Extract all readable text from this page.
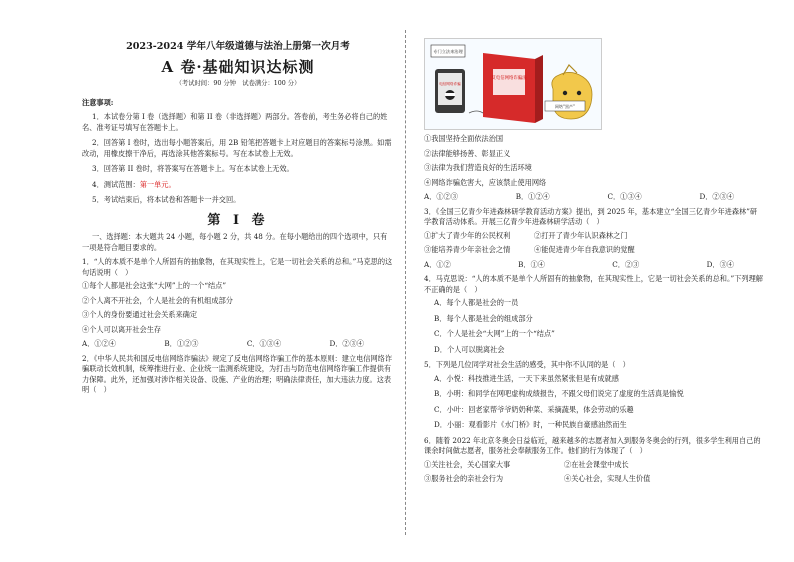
2023-2024 学年八年级道德与法治上册第一次月考
A 卷·基础知识达标测
（考试时间：90 分钟　试卷满分：100 分）
注意事项:
1．本试卷分第 I 卷（选择题）和第 II 卷（非选择题）两部分。答卷前，考生务必将自己的姓名、准考证号填写在答题卡上。
2．回答第 I 卷时，选出每小题答案后，用 2B 铅笔把答题卡上对应题目的答案标号涂黑。如需改动，用橡皮擦干净后，再选涂其他答案标号。写在本试卷上无效。
3．回答第 II 卷时，将答案写在答题卡上。写在本试卷上无效。
4．测试范围：第一单元。
5．考试结束后，将本试卷和答题卡一并交回。
第 I 卷
一、选择题：本大题共 24 小题，每小题 2 分，共 48 分。在每小题给出的四个选项中，只有一项是符合题目要求的。
1．“人的本质不是单个人所固有的抽象物，在其现实性上，它是一切社会关系的总和。”马克思的这句话说明（　）
①每个人都是社会这张“大网”上的一个“结点”
②个人离不开社会，个人是社会的有机组成部分
③个人的身份要通过社会关系来确定
④个人可以离开社会生存
A．①②④	B．①②③	C．①③④	D．②③④
2．《中华人民共和国反电信网络诈骗法》规定了反电信网络诈骗工作的基本原则：建立电信网络诈骗联动长效机制，统筹推进行业、企业统一监测系统建设，为打击与防范电信网络诈骗工作提供有力保障。此外，还加强对涉诈相关设备、设施、产业的治理；明确法律责任，加大违法力度。这表明（　）
专门立法来治理
电信网络诈骗
反电信网络诈骗法
网络“黑产”
①我国坚持全面依法治国
②法律能够扬善、彰显正义
③法律为我们营造良好的生活环境
④网络诈骗危害大，应该禁止使用网络
A．①②③	B．①②④	C．①③④	D．②③④
3．《全国三亿青少年进森林研学教育活动方案》提出，到 2025 年，基本建立“全国三亿青少年进森林”研学教育活动体系。开展三亿青少年进森林研学活动（　）
①扩大了青少年的公民权利	②打开了青少年认识森林之门
③能培养青少年亲社会之情	④能促进青少年自我意识的觉醒
A．①②	B．①④	C．②③	D．③④
4．马克思说：“人的本质不是单个人所固有的抽象物，在其现实性上，它是一切社会关系的总和。”下列理解不正确的是（　）
A．每个人都是社会的一员
B．每个人都是社会的组成部分
C．个人是社会“大网”上的一个“结点”
D．个人可以脱离社会
5．下列是几位同学对社会生活的感受，其中你不认同的是（　）
A．小悦：科技推进生活，一天下来虽然紧张但是有成就感
B．小明：和同学在网吧虚构成绩报告，不跟父母们说完了虚度的生活真是愉悦
C．小叶：回老家帮爷爷奶奶种菜、采摘蔬果，体会劳动的乐趣
D．小丽：观看影片《水门桥》时，一种民族自豪感油然而生
6．随着 2022 年北京冬奥会日益临近，越来越多的志愿者加入到服务冬奥会的行列，很多学生利用自己的课余时间做志愿者，服务社会奉献服务工作。他们的行为体现了（　）
①关注社会，关心国家大事	②在社会课堂中成长
③服务社会的亲社会行为	④关心社会，实现人生价值
